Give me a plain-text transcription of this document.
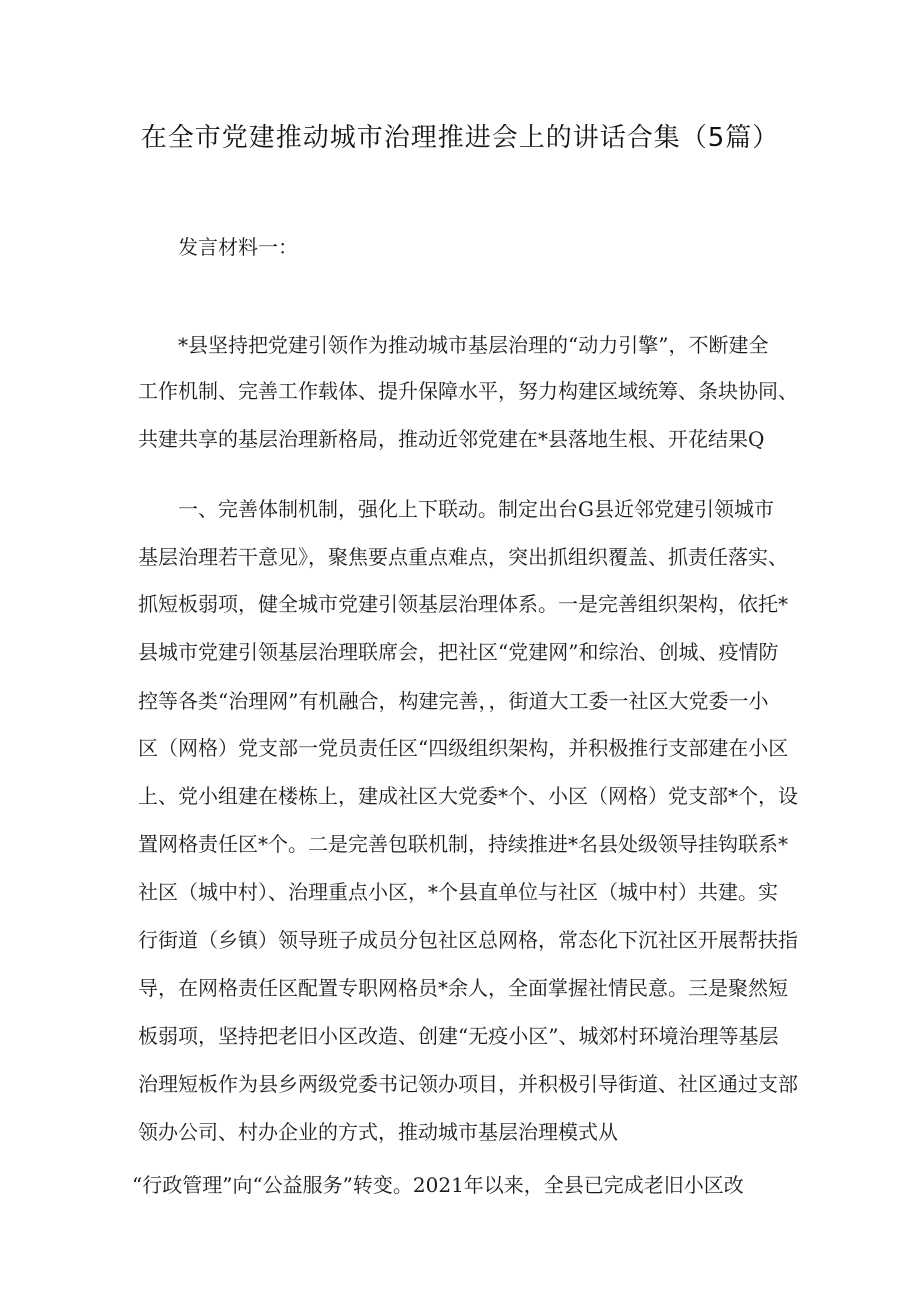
在全市党建推动城市治理推进会上的讲话合集（5篇）
发言材料一：
*县坚持把党建引领作为推动城市基层治理的“动力引擎”，不断建全
工作机制、完善工作载体、提升保障水平，努力构建区域统筹、条块协同、
共建共享的基层治理新格局，推动近邻党建在*县落地生根、开花结果Q
一、完善体制机制，强化上下联动。制定出台G县近邻党建引领城市
基层治理若干意见》，聚焦要点重点难点，突出抓组织覆盖、抓责任落实、
抓短板弱项，健全城市党建引领基层治理体系。一是完善组织架构，依托*
县城市党建引领基层治理联席会，把社区“党建网”和综治、创城、疫情防
控等各类“治理网”有机融合，构建完善，，街道大工委一社区大党委一小
区（网格）党支部一党员责任区“四级组织架构，并积极推行支部建在小区
上、党小组建在楼栋上，建成社区大党委*个、小区（网格）党支部*个，设
置网格责任区*个。二是完善包联机制，持续推进*名县处级领导挂钩联系*
社区（城中村）、治理重点小区，*个县直单位与社区（城中村）共建。实
行街道（乡镇）领导班子成员分包社区总网格，常态化下沉社区开展帮扶指
导，在网格责任区配置专职网格员*余人，全面掌握社情民意。三是聚然短
板弱项，坚持把老旧小区改造、创建“无疫小区”、城郊村环境治理等基层
治理短板作为县乡两级党委书记领办项目，并积极引导街道、社区通过支部
领办公司、村办企业的方式，推动城市基层治理模式从
“行政管理”向“公益服务”转变。2021年以来，全县已完成老旧小区改
